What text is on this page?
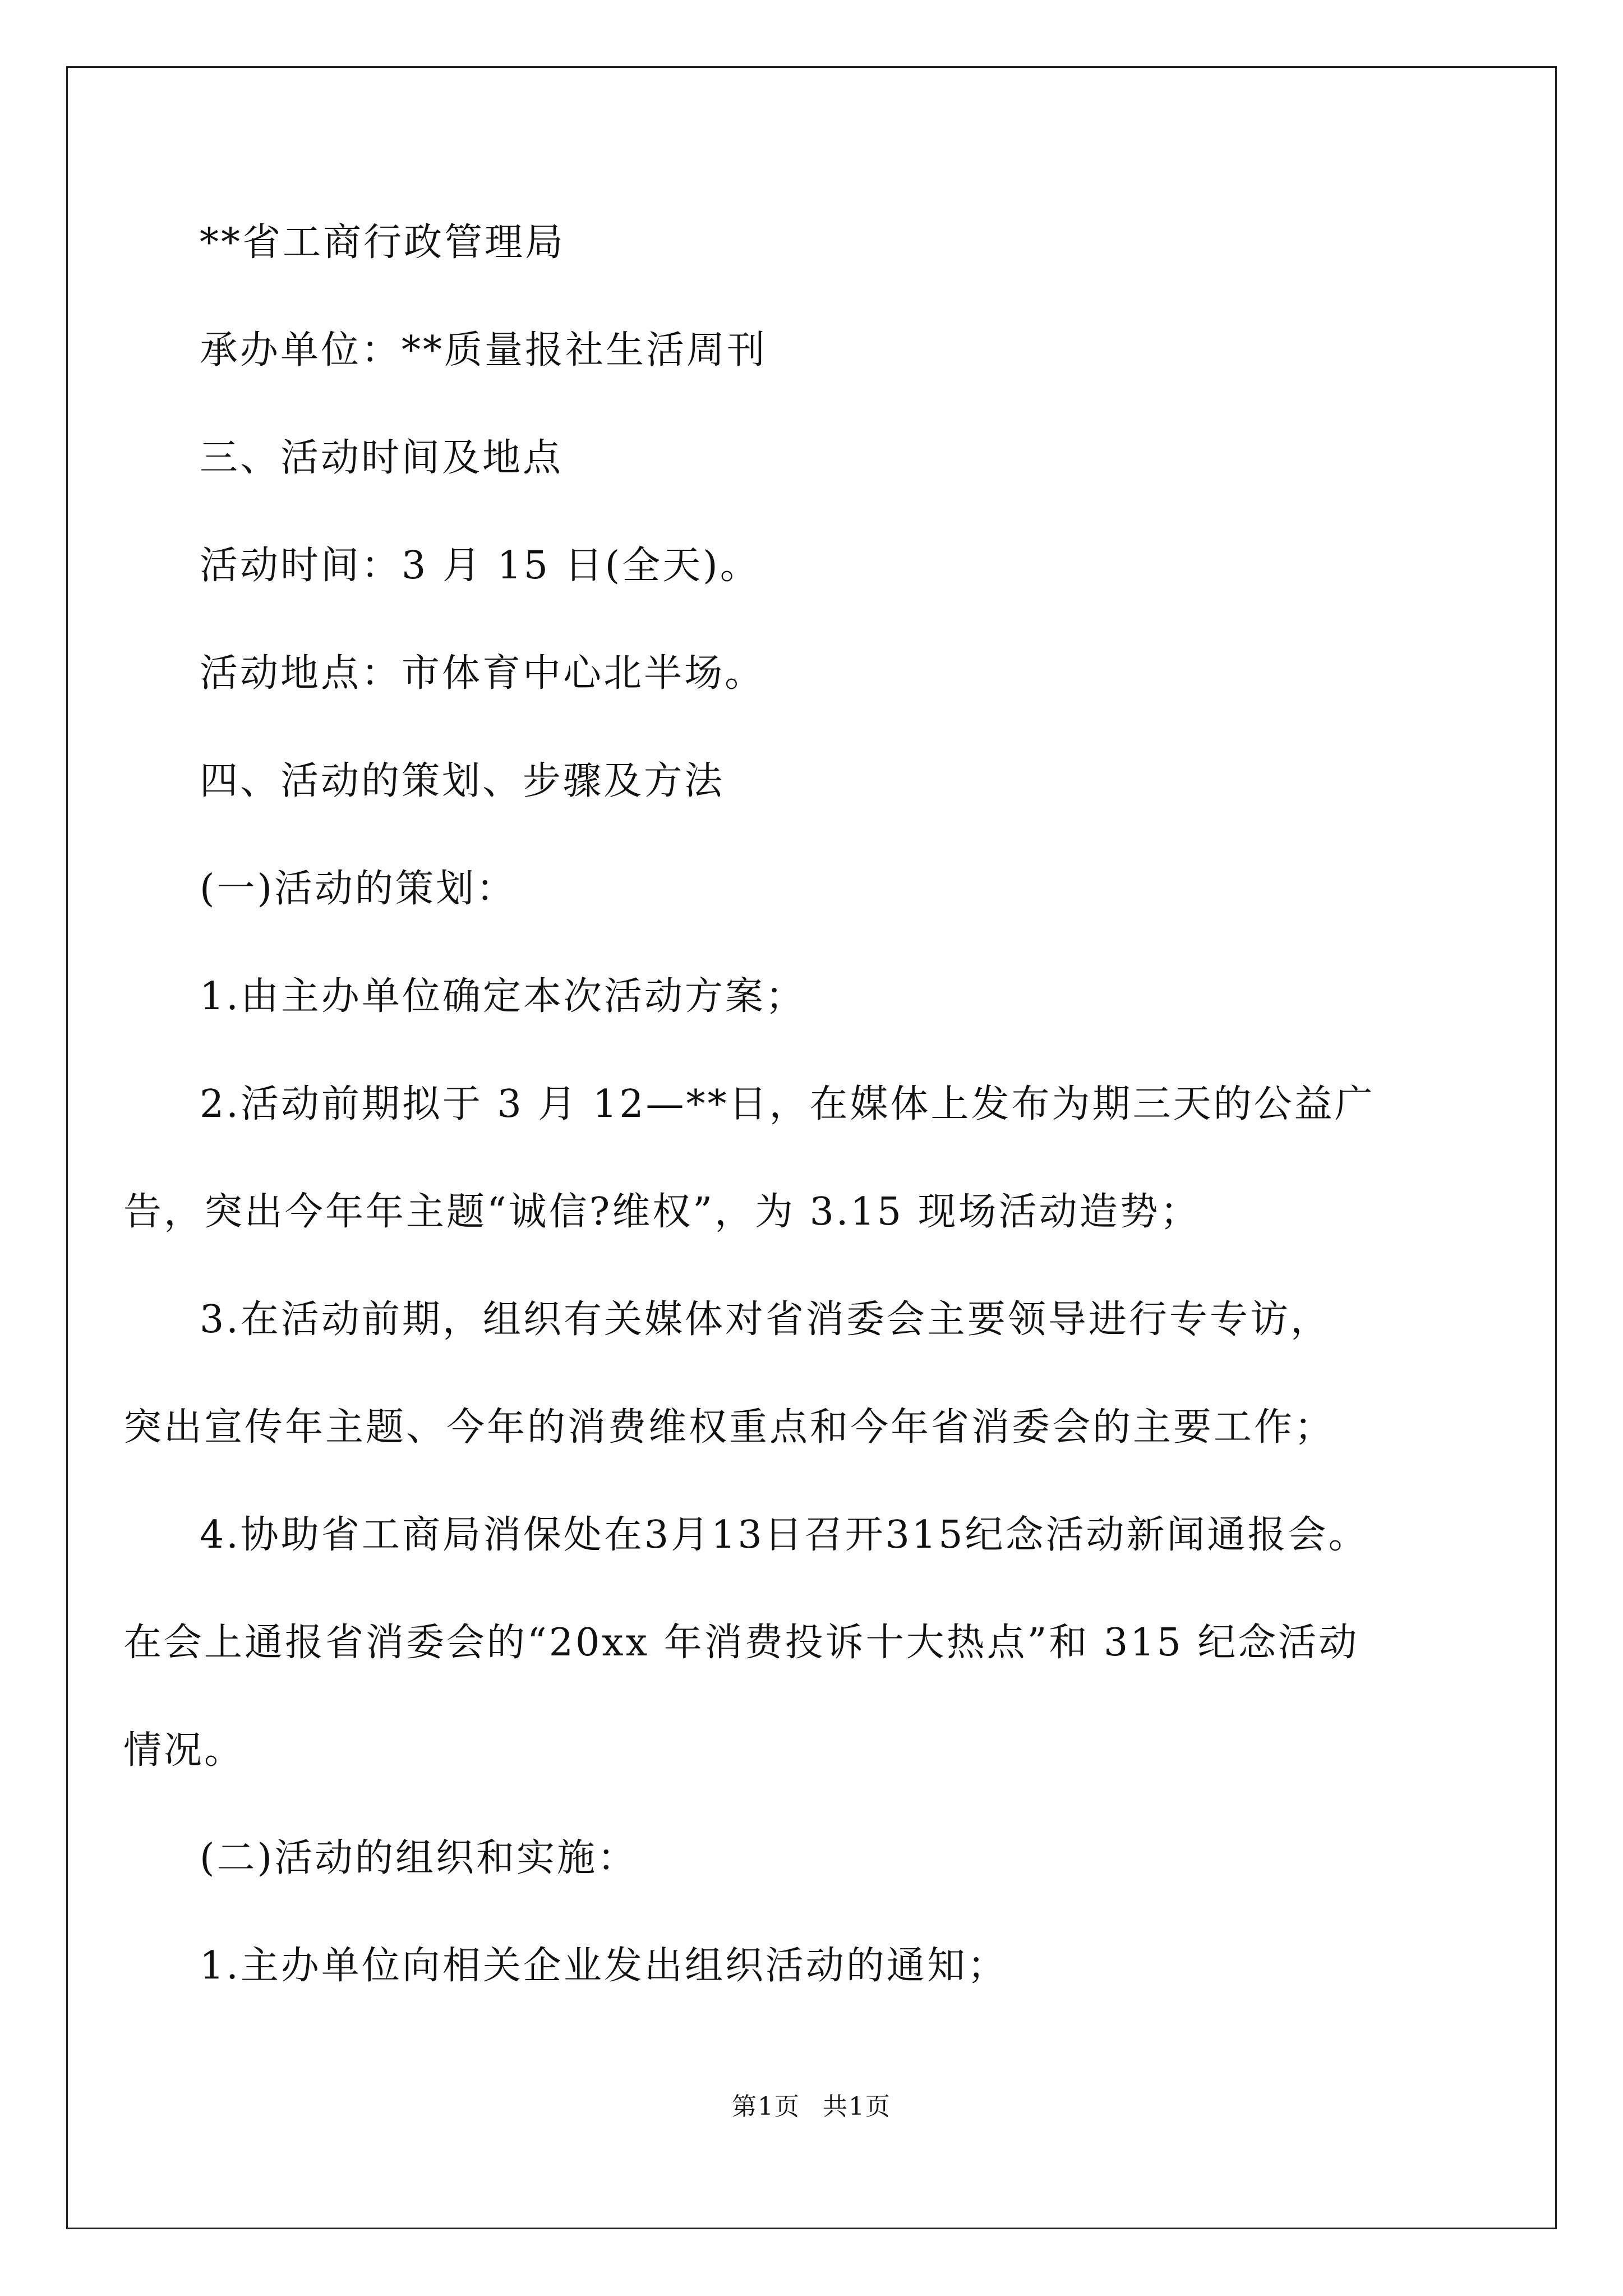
**省工商行政管理局
承办单位：**质量报社生活周刊
三、活动时间及地点
活动时间：3 月 15 日(全天)。
活动地点：市体育中心北半场。
四、活动的策划、步骤及方法
(一)活动的策划：
1.由主办单位确定本次活动方案；
2.活动前期拟于 3 月 12—**日，在媒体上发布为期三天的公益广
告，突出今年年主题“诚信?维权”，为 3.15 现场活动造势；
3.在活动前期，组织有关媒体对省消委会主要领导进行专专访，
突出宣传年主题、今年的消费维权重点和今年省消委会的主要工作；
4.协助省工商局消保处在3月13日召开315纪念活动新闻通报会。
在会上通报省消委会的“20xx 年消费投诉十大热点”和 315 纪念活动
情况。
(二)活动的组织和实施：
1.主办单位向相关企业发出组织活动的通知；
第1页 共1页
